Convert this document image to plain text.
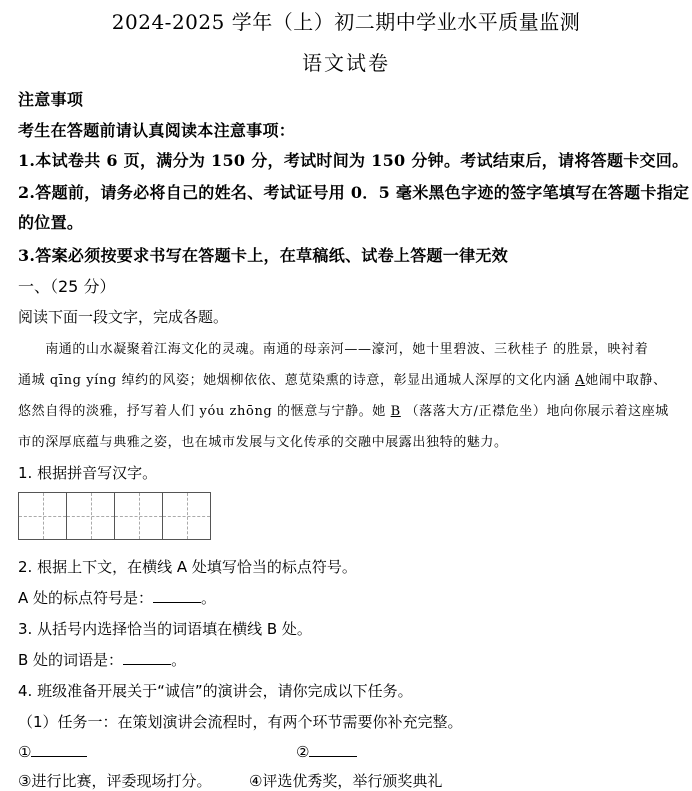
2024-2025 学年（上）初二期中学业水平质量监测
语文试卷
注意事项
考生在答题前请认真阅读本注意事项：
1.本试卷共 6 页，满分为 150 分，考试时间为 150 分钟。考试结束后，请将答题卡交回。
2.答题前，请务必将自己的姓名、考试证号用 0．5 毫米黑色字迹的签字笔填写在答题卡指定
的位置。
3.答案必须按要求书写在答题卡上，在草稿纸、试卷上答题一律无效
一、（25 分）
阅读下面一段文字，完成各题。
　　南通的山水凝聚着江海文化的灵魂。南通的母亲河——濠河，她十里碧波、三秋桂子 的胜景，映衬着
通城 qīng yíng 绰约的风姿；她烟柳依依、蒽苋染熏的诗意，彰显出通城人深厚的文化内涵 A她闹中取静、
悠然自得的淡雅，抒写着人们 yóu zhōng 的惬意与宁静。她 B （落落大方/正襟危坐）地向你展示着这座城
市的深厚底蕴与典雅之姿，也在城市发展与文化传承的交融中展露出独特的魅力。
1. 根据拼音写汉字。
2. 根据上下文，在横线 A 处填写恰当的标点符号。
A 处的标点符号是：	。
3. 从括号内选择恰当的词语填在横线 B 处。
B 处的词语是：	。
4. 班级准备开展关于“诚信”的演讲会，请你完成以下任务。
（1）任务一：在策划演讲会流程时，有两个环节需要你补充完整。
①	②
③进行比赛，评委现场打分。　　　④评选优秀奖，举行颁奖典礼
